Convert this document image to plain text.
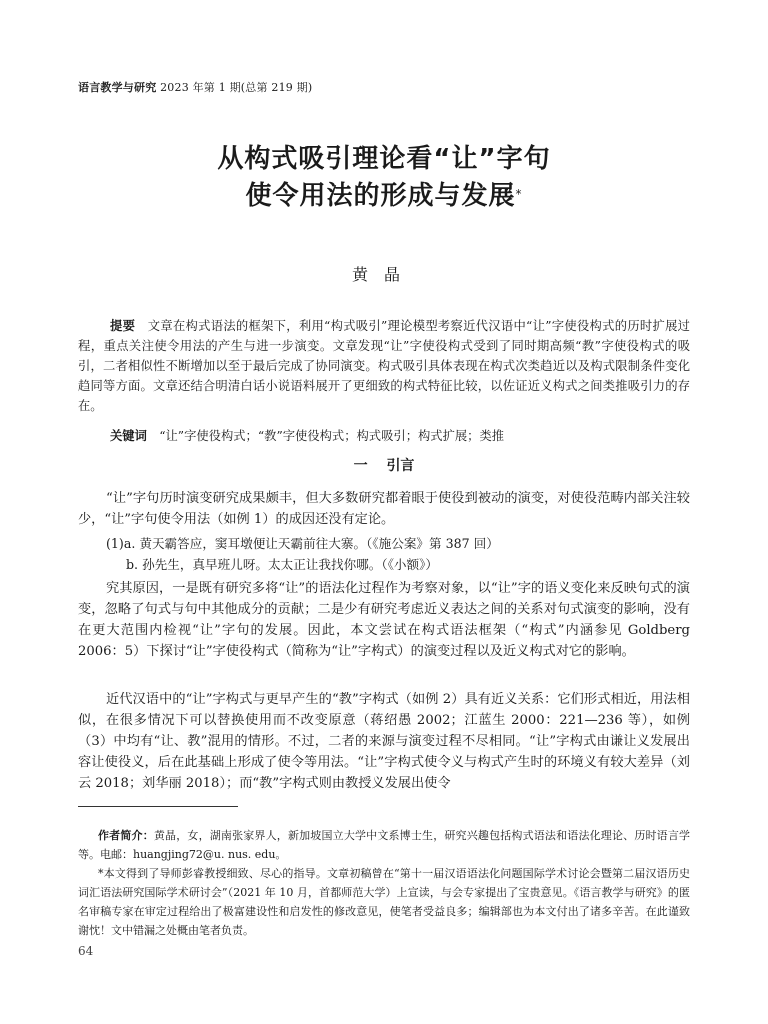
语言教学与研究 2023 年第 1 期(总第 219 期)
从构式吸引理论看“让”字句
使令用法的形成与发展*
黄晶
提要　文章在构式语法的框架下，利用“构式吸引”理论模型考察近代汉语中“让”字使役构式的历时扩展过程，重点关注使令用法的产生与进一步演变。文章发现“让”字使役构式受到了同时期高频“教”字使役构式的吸引，二者相似性不断增加以至于最后完成了协同演变。构式吸引具体表现在构式次类趋近以及构式限制条件变化趋同等方面。文章还结合明清白话小说语料展开了更细致的构式特征比较，以佐证近义构式之间类推吸引力的存在。
关键词　“让”字使役构式；“教”字使役构式；构式吸引；构式扩展；类推
一 引言
“让”字句历时演变研究成果颇丰，但大多数研究都着眼于使役到被动的演变，对使役范畴内部关注较少，“让”字句使令用法（如例 1）的成因还没有定论。
(1)a. 黄天霸答应，窦耳墩便让天霸前往大寨。（《施公案》第 387 回）
b. 孙先生，真早班儿呀。太太正让我找你哪。（《小额》）
究其原因，一是既有研究多将“让”的语法化过程作为考察对象，以“让”字的语义变化来反映句式的演变，忽略了句式与句中其他成分的贡献；二是少有研究考虑近义表达之间的关系对句式演变的影响，没有在更大范围内检视“让”字句的发展。因此，本文尝试在构式语法框架（“构式”内涵参见 Goldberg 2006：5）下探讨“让”字使役构式（简称为“让”字构式）的演变过程以及近义构式对它的影响。
近代汉语中的“让”字构式与更早产生的“教”字构式（如例 2）具有近义关系：它们形式相近，用法相似，在很多情况下可以替换使用而不改变原意（蒋绍愚 2002；江蓝生 2000：221—236 等），如例（3）中均有“让、教”混用的情形。不过，二者的来源与演变过程不尽相同。“让”字构式由谦让义发展出容让使役义，后在此基础上形成了使令等用法。“让”字构式使令义与构式产生时的环境义有较大差异（刘云 2018；刘华丽 2018）；而“教”字构式则由教授义发展出使令
作者简介：黄晶，女，湖南张家界人，新加坡国立大学中文系博士生，研究兴趣包括构式语法和语法化理论、历时语言学等。电邮：huangjing72@u. nus. edu。
*本文得到了导师彭睿教授细致、尽心的指导。文章初稿曾在“第十一届汉语语法化问题国际学术讨论会暨第二届汉语历史词汇语法研究国际学术研讨会”（2021 年 10 月，首都师范大学）上宣读，与会专家提出了宝贵意见。《语言教学与研究》的匿名审稿专家在审定过程给出了极富建设性和启发性的修改意见，使笔者受益良多；编辑部也为本文付出了诸多辛苦。在此谨致谢忱！文中错漏之处概由笔者负责。
64
